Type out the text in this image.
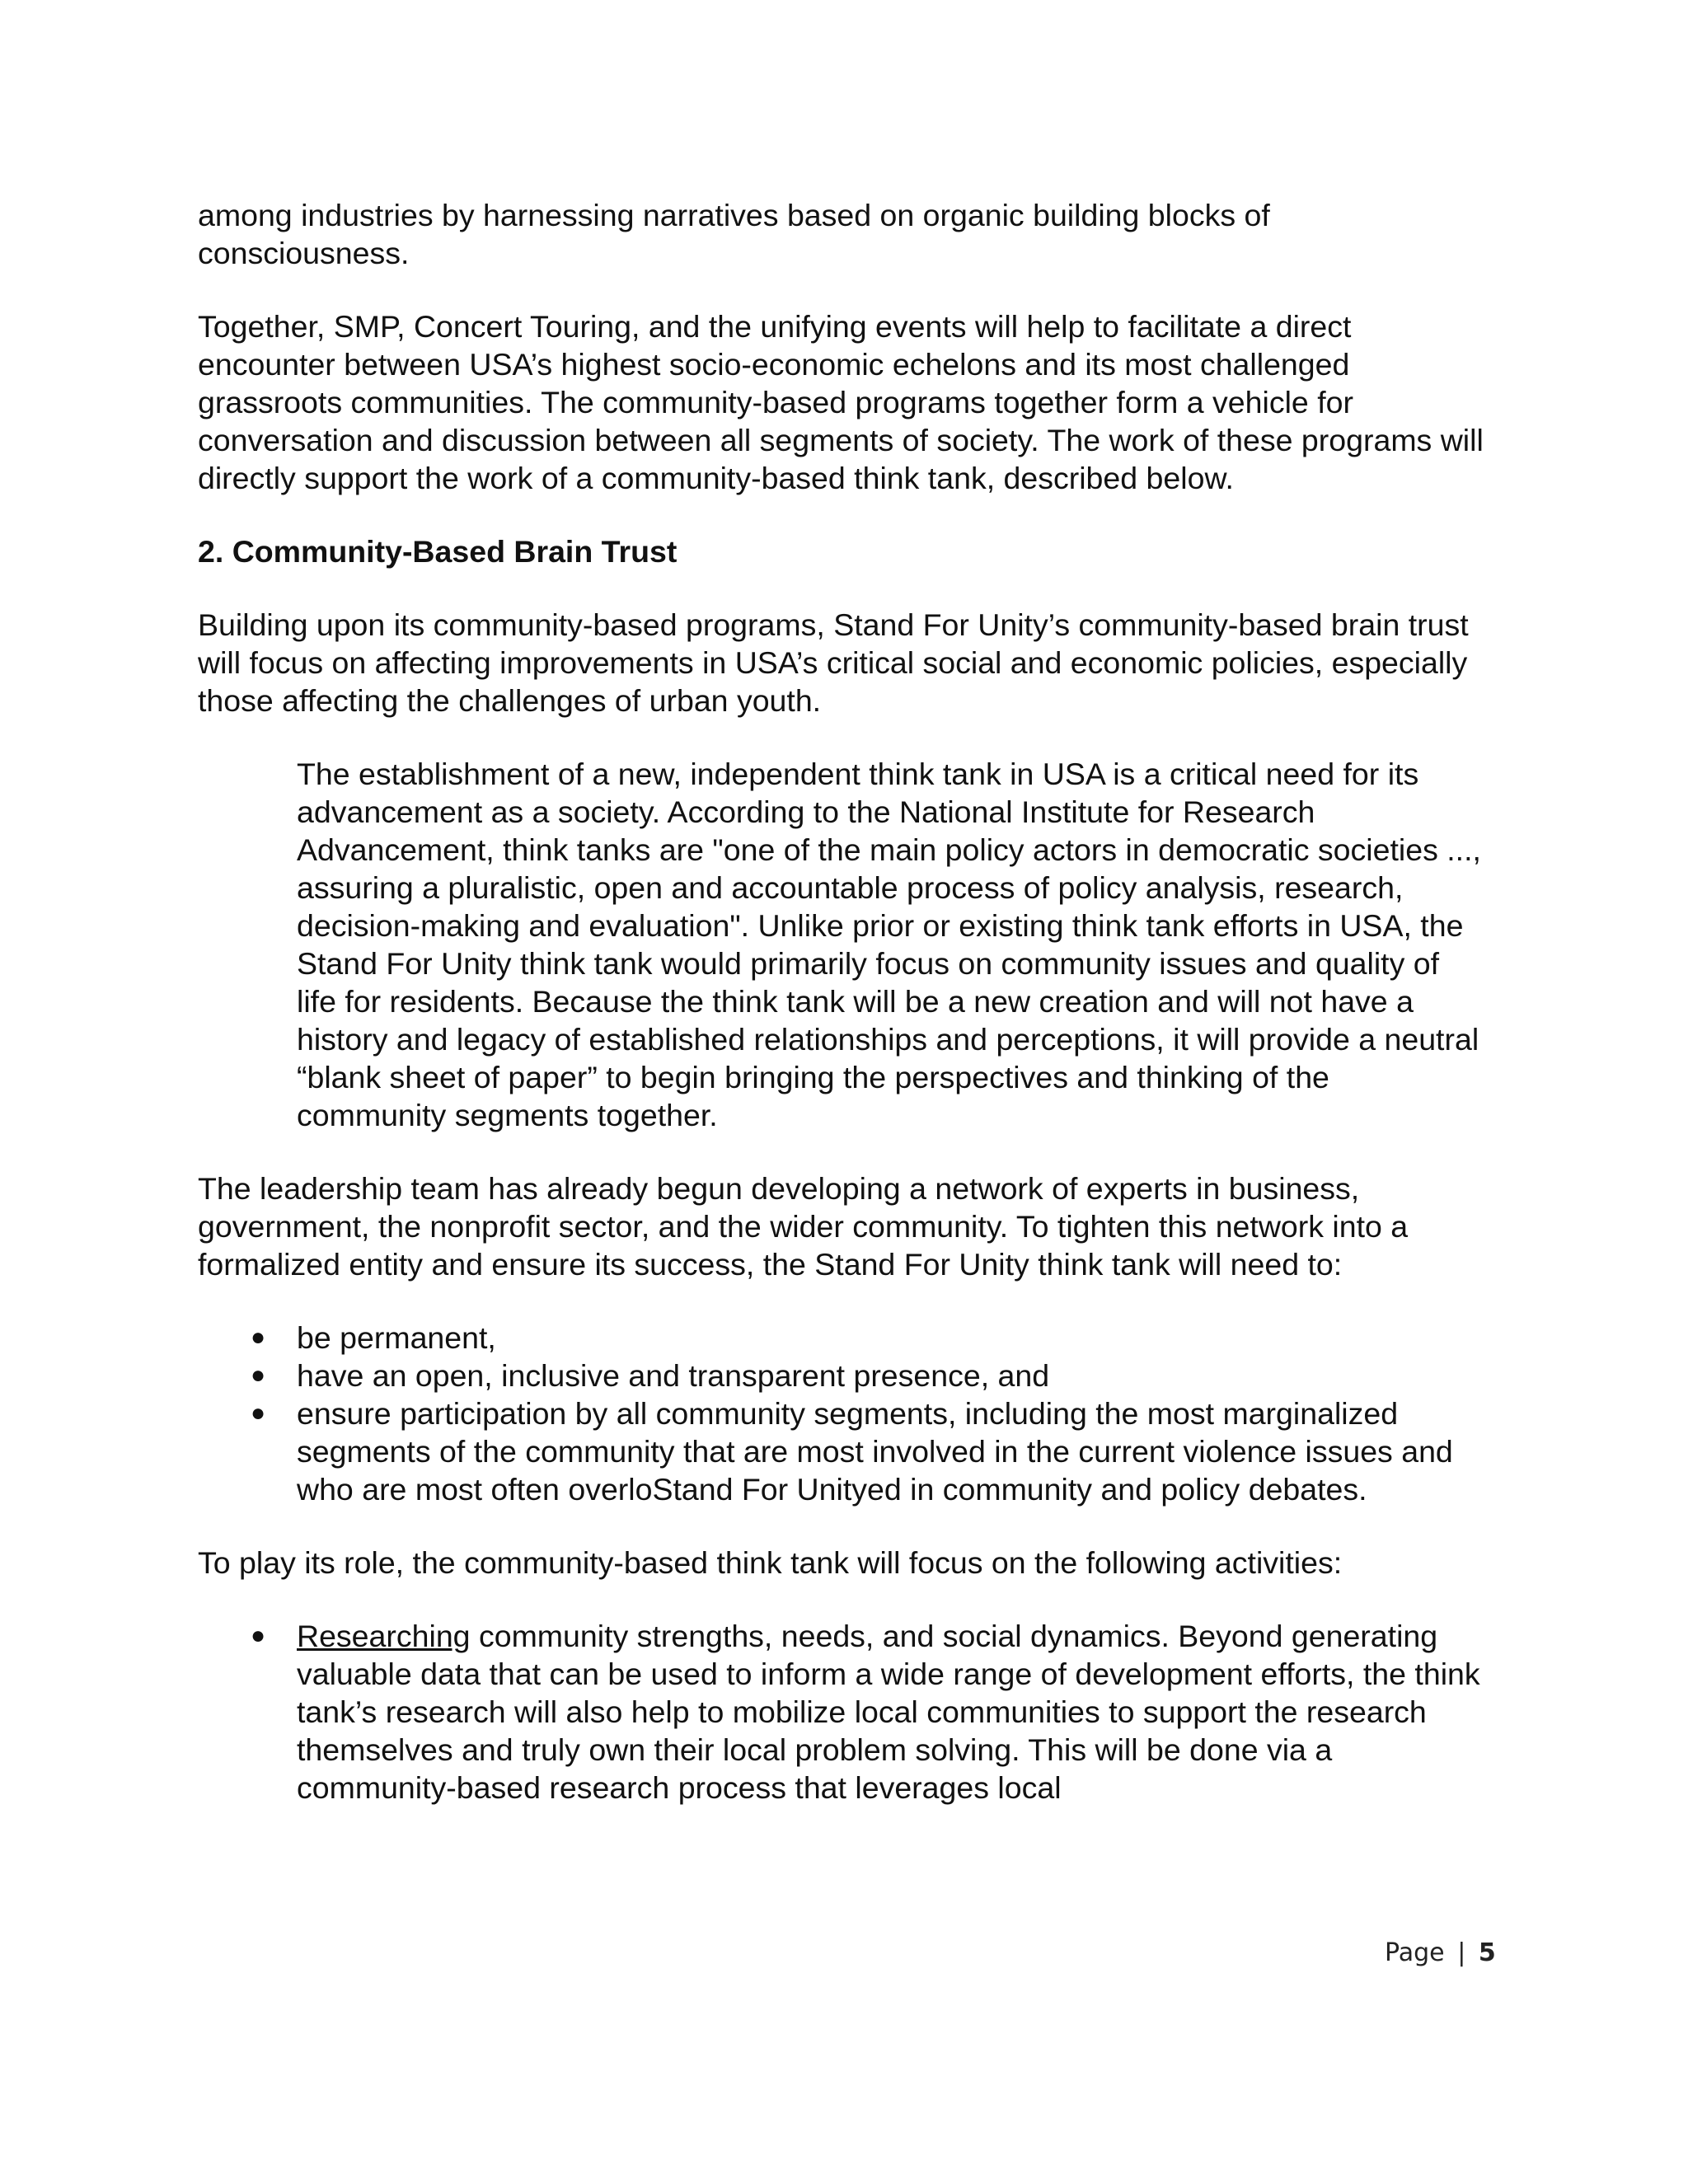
among industries by harnessing narratives based on organic building blocks of consciousness.

Together, SMP, Concert Touring, and the unifying events will help to facilitate a direct encounter between USA’s highest socio-economic echelons and its most challenged grassroots communities. The community-based programs together form a vehicle for conversation and discussion between all segments of society. The work of these programs will directly support the work of a community-based think tank, described below.

2. Community-Based Brain Trust

Building upon its community-based programs, Stand For Unity’s community-based brain trust will focus on affecting improvements in USA’s critical social and economic policies, especially those affecting the challenges of urban youth.

The establishment of a new, independent think tank in USA is a critical need for its advancement as a society. According to the National Institute for Research Advancement, think tanks are "one of the main policy actors in democratic societies ..., assuring a pluralistic, open and accountable process of policy analysis, research, decision-making and evaluation". Unlike prior or existing think tank efforts in USA, the Stand For Unity think tank would primarily focus on community issues and quality of life for residents. Because the think tank will be a new creation and will not have a history and legacy of established relationships and perceptions, it will provide a neutral “blank sheet of paper” to begin bringing the perspectives and thinking of the community segments together.

The leadership team has already begun developing a network of experts in business, government, the nonprofit sector, and the wider community. To tighten this network into a formalized entity and ensure its success, the Stand For Unity think tank will need to:

● be permanent,
● have an open, inclusive and transparent presence, and
● ensure participation by all community segments, including the most marginalized segments of the community that are most involved in the current violence issues and who are most often overloStand For Unityed in community and policy debates.

To play its role, the community-based think tank will focus on the following activities:

● Researching community strengths, needs, and social dynamics. Beyond generating valuable data that can be used to inform a wide range of development efforts, the think tank’s research will also help to mobilize local communities to support the research themselves and truly own their local problem solving. This will be done via a community-based research process that leverages local
Page | 5
